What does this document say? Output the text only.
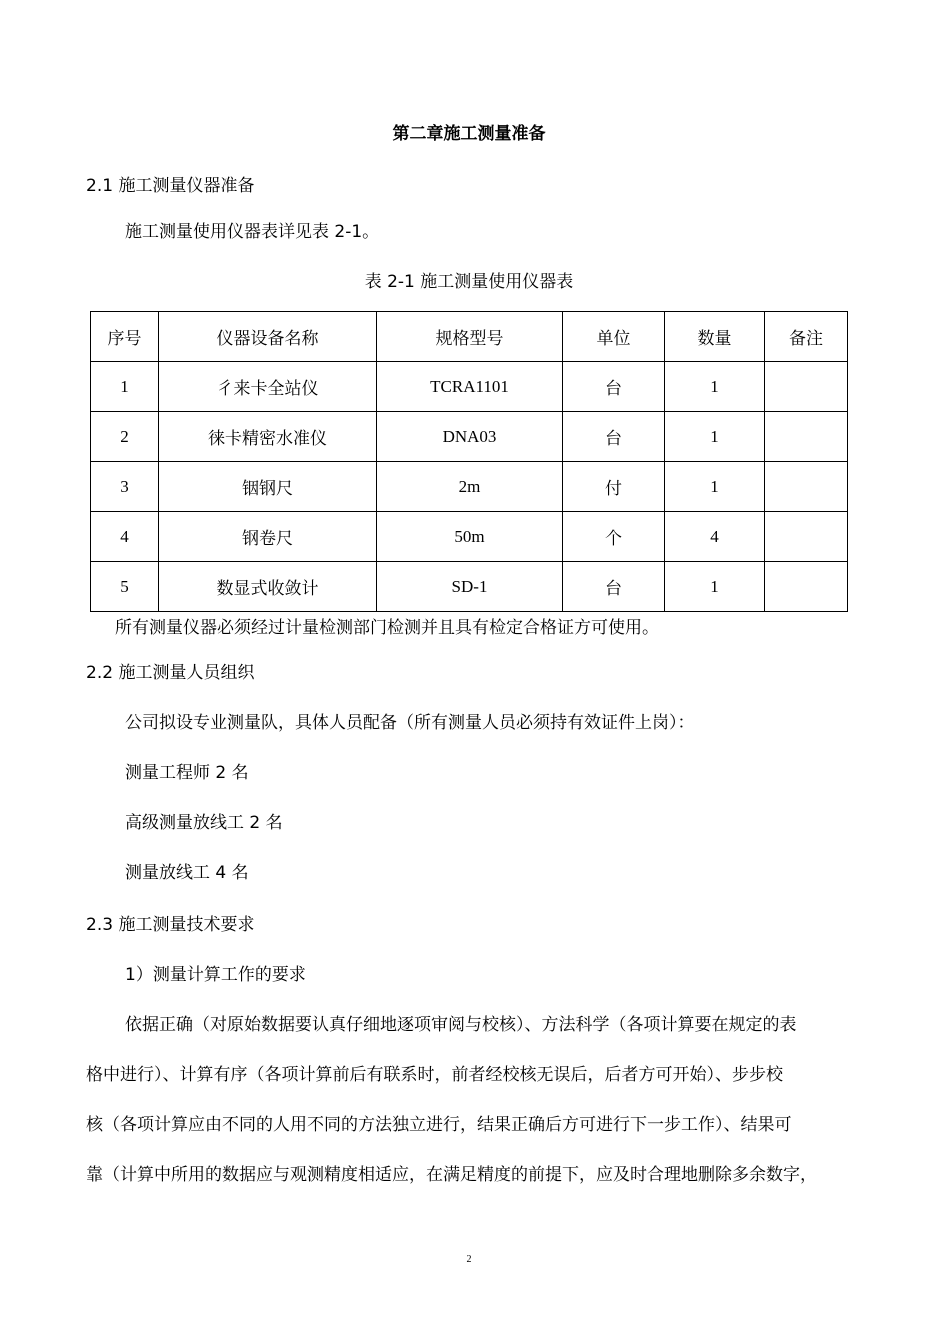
第二章施工测量准备
2.1 施工测量仪器准备
施工测量使用仪器表详见表 2-1。
表 2-1 施工测量使用仪器表
序号	仪器设备名称	规格型号	单位	数量	备注
1	彳来卡全站仪	TCRA1101	台	1	
2	徕卡精密水准仪	DNA03	台	1	
3	铟钢尺	2m	付	1	
4	钢卷尺	50m	个	4	
5	数显式收敛计	SD-1	台	1	
所有测量仪器必须经过计量检测部门检测并且具有检定合格证方可使用。
2.2 施工测量人员组织
公司拟设专业测量队，具体人员配备（所有测量人员必须持有效证件上岗）：
测量工程师 2 名
高级测量放线工 2 名
测量放线工 4 名
2.3 施工测量技术要求
1）测量计算工作的要求
依据正确（对原始数据要认真仔细地逐项审阅与校核）、方法科学（各项计算要在规定的表
格中进行）、计算有序（各项计算前后有联系时，前者经校核无误后，后者方可开始）、步步校
核（各项计算应由不同的人用不同的方法独立进行，结果正确后方可进行下一步工作）、结果可
靠（计算中所用的数据应与观测精度相适应，在满足精度的前提下，应及时合理地删除多余数字，
2
